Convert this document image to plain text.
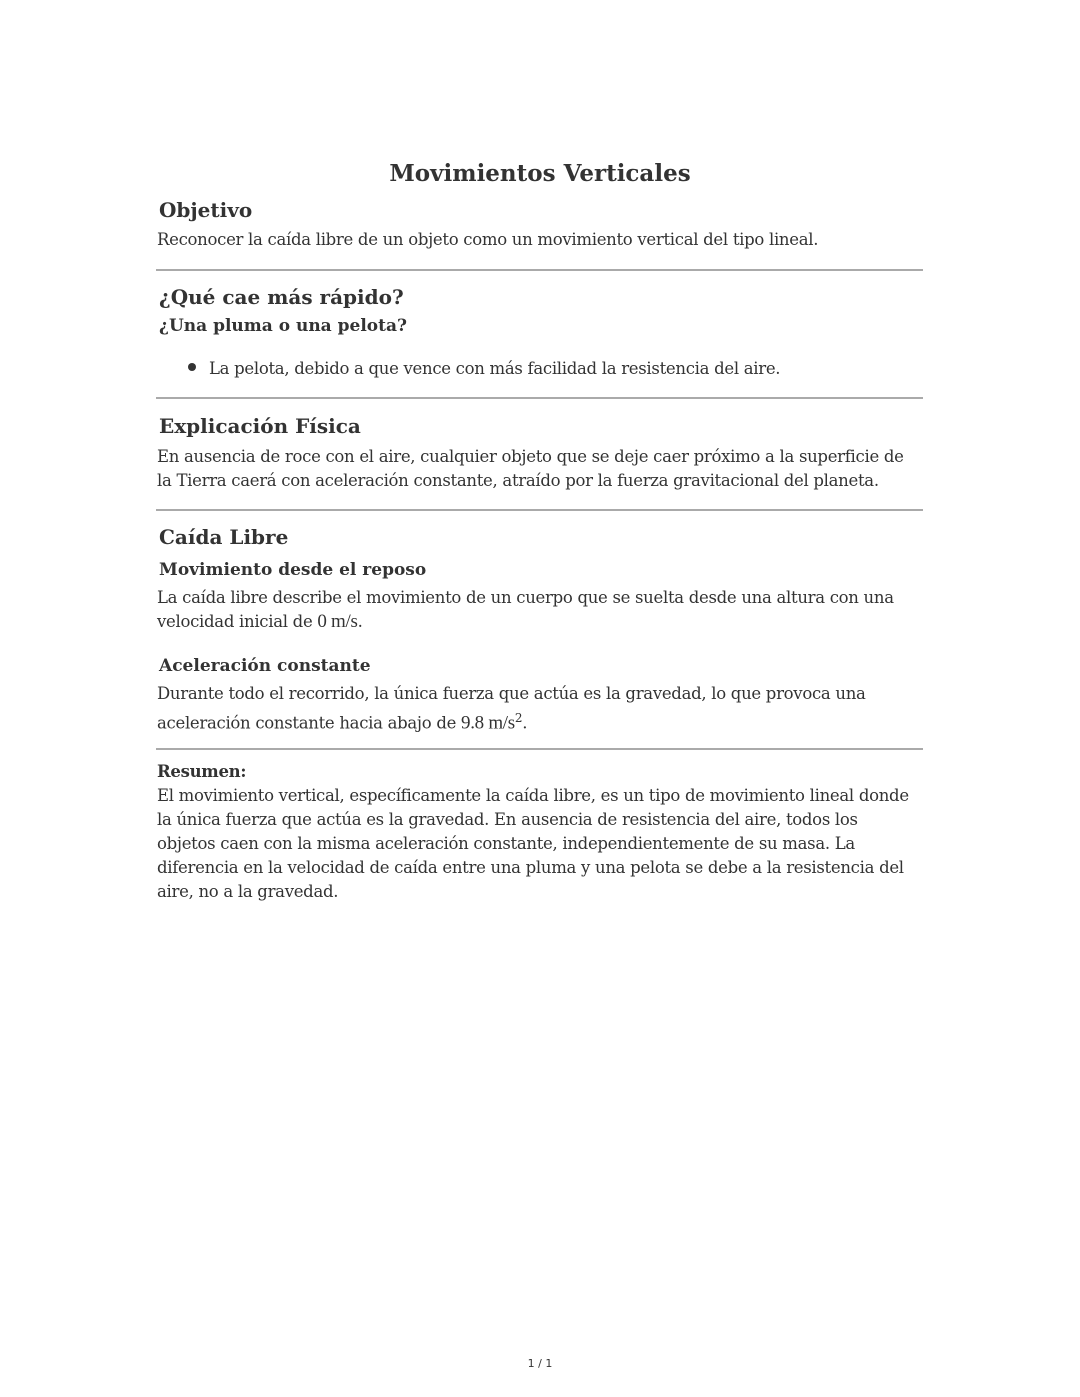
Movimientos Verticales
Objetivo
Reconocer la caída libre de un objeto como un movimiento vertical del tipo lineal.
¿Qué cae más rápido?
¿Una pluma o una pelota?
La pelota, debido a que vence con más facilidad la resistencia del aire.
Explicación Física
En ausencia de roce con el aire, cualquier objeto que se deje caer próximo a la superficie de la Tierra caerá con aceleración constante, atraído por la fuerza gravitacional del planeta.
Caída Libre
Movimiento desde el reposo
La caída libre describe el movimiento de un cuerpo que se suelta desde una altura con una velocidad inicial de 0 m/s.
Aceleración constante
Durante todo el recorrido, la única fuerza que actúa es la gravedad, lo que provoca una aceleración constante hacia abajo de 9.8 $m/s^2$.
Resumen:
El movimiento vertical, específicamente la caída libre, es un tipo de movimiento lineal donde la única fuerza que actúa es la gravedad. En ausencia de resistencia del aire, todos los objetos caen con la misma aceleración constante, independientemente de su masa. La diferencia en la velocidad de caída entre una pluma y una pelota se debe a la resistencia del aire, no a la gravedad.
1 / 1
